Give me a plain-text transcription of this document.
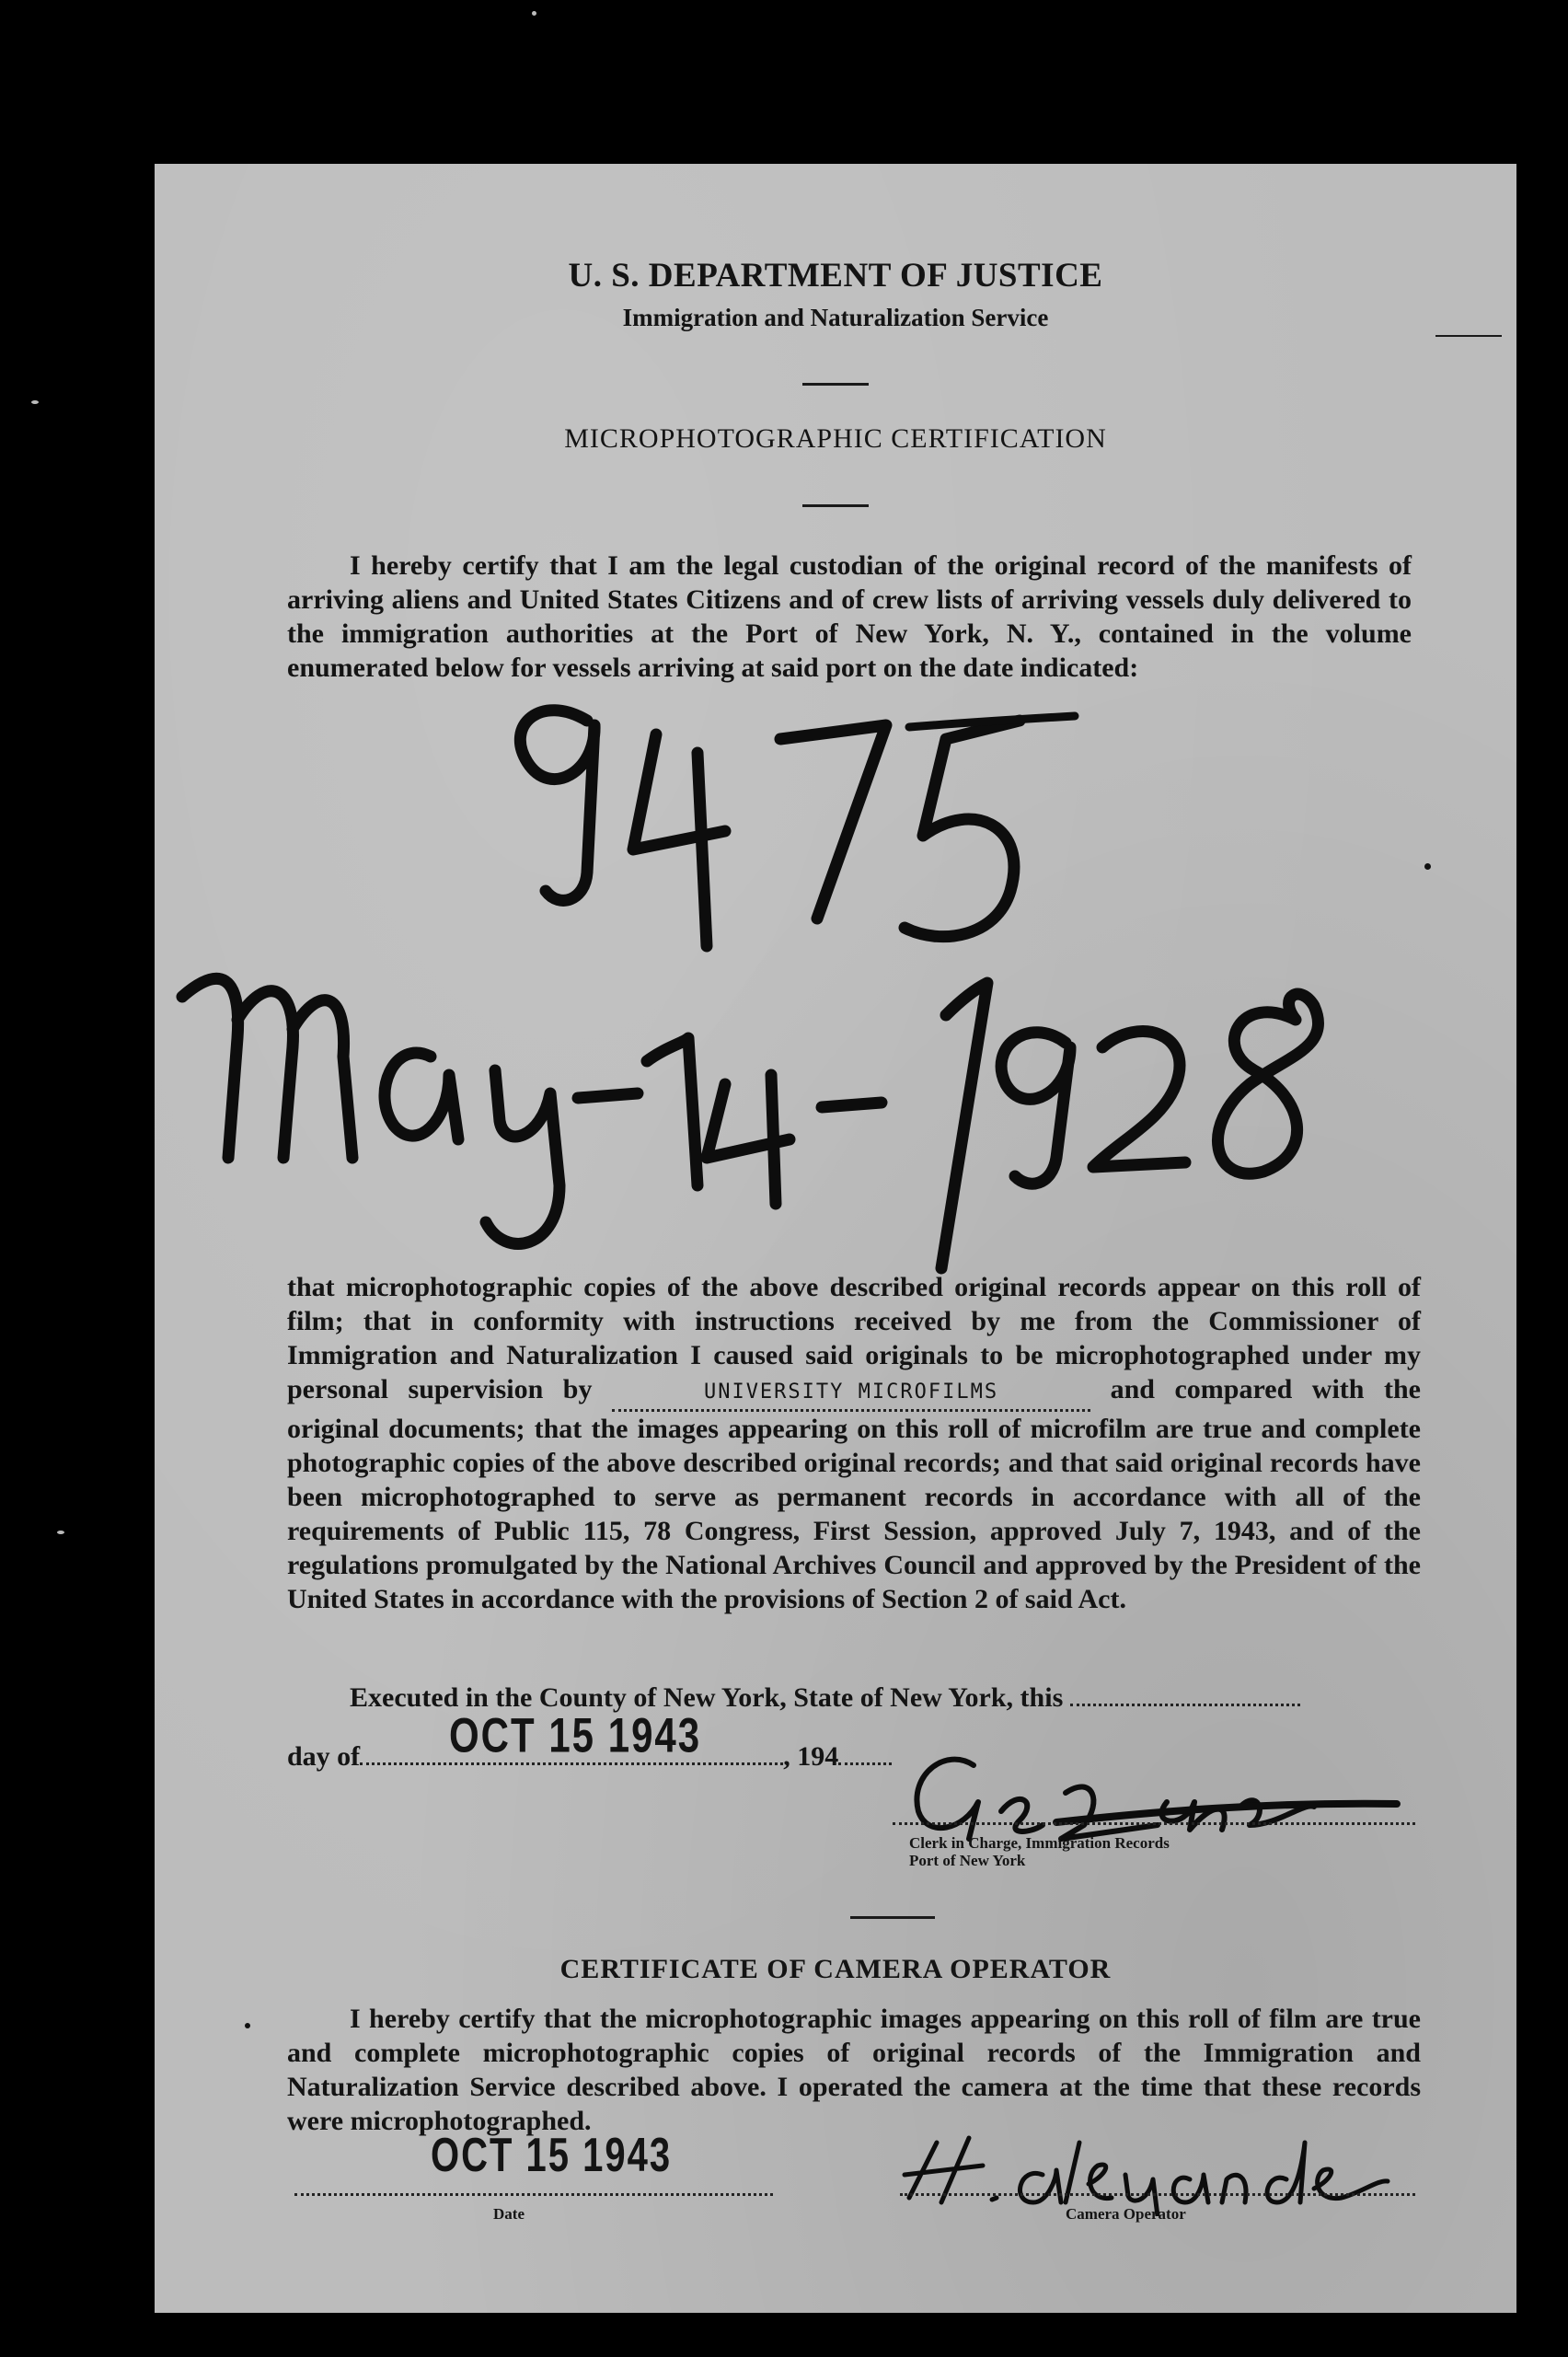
U. S. DEPARTMENT OF JUSTICE
Immigration and Naturalization Service
MICROPHOTOGRAPHIC CERTIFICATION
I hereby certify that I am the legal custodian of the original record of the manifests of arriving aliens and United States Citizens and of crew lists of arriving vessels duly delivered to the immigration authorities at the Port of New York, N. Y., contained in the volume enumerated below for vessels arriving at said port on the date indicated:
that microphotographic copies of the above described original records appear on this roll of film; that in conformity with instructions received by me from the Commissioner of Immigration and Naturalization I caused said originals to be microphotographed under my personal supervision by	UNIVERSITY MICROFILMS	and compared with the original documents; that the images appearing on this roll of microfilm are true and complete photographic copies of the above described original records; and that said original records have been microphotographed to serve as permanent records in accordance with all of the requirements of Public 115, 78 Congress, First Session, approved July 7, 1943, and of the regulations promulgated by the National Archives Council and approved by the President of the United States in accordance with the provisions of Section 2 of said Act.
Executed in the County of New York, State of New York, this
day of	, 194
OCT 15 1943
Clerk in Charge, Immigration Records
Port of New York
CERTIFICATE OF CAMERA OPERATOR
I hereby certify that the microphotographic images appearing on this roll of film are true and complete microphotographic copies of original records of the Immigration and Naturalization Service described above. I operated the camera at the time that these records were microphotographed.
OCT 15 1943
Date	Camera Operator
